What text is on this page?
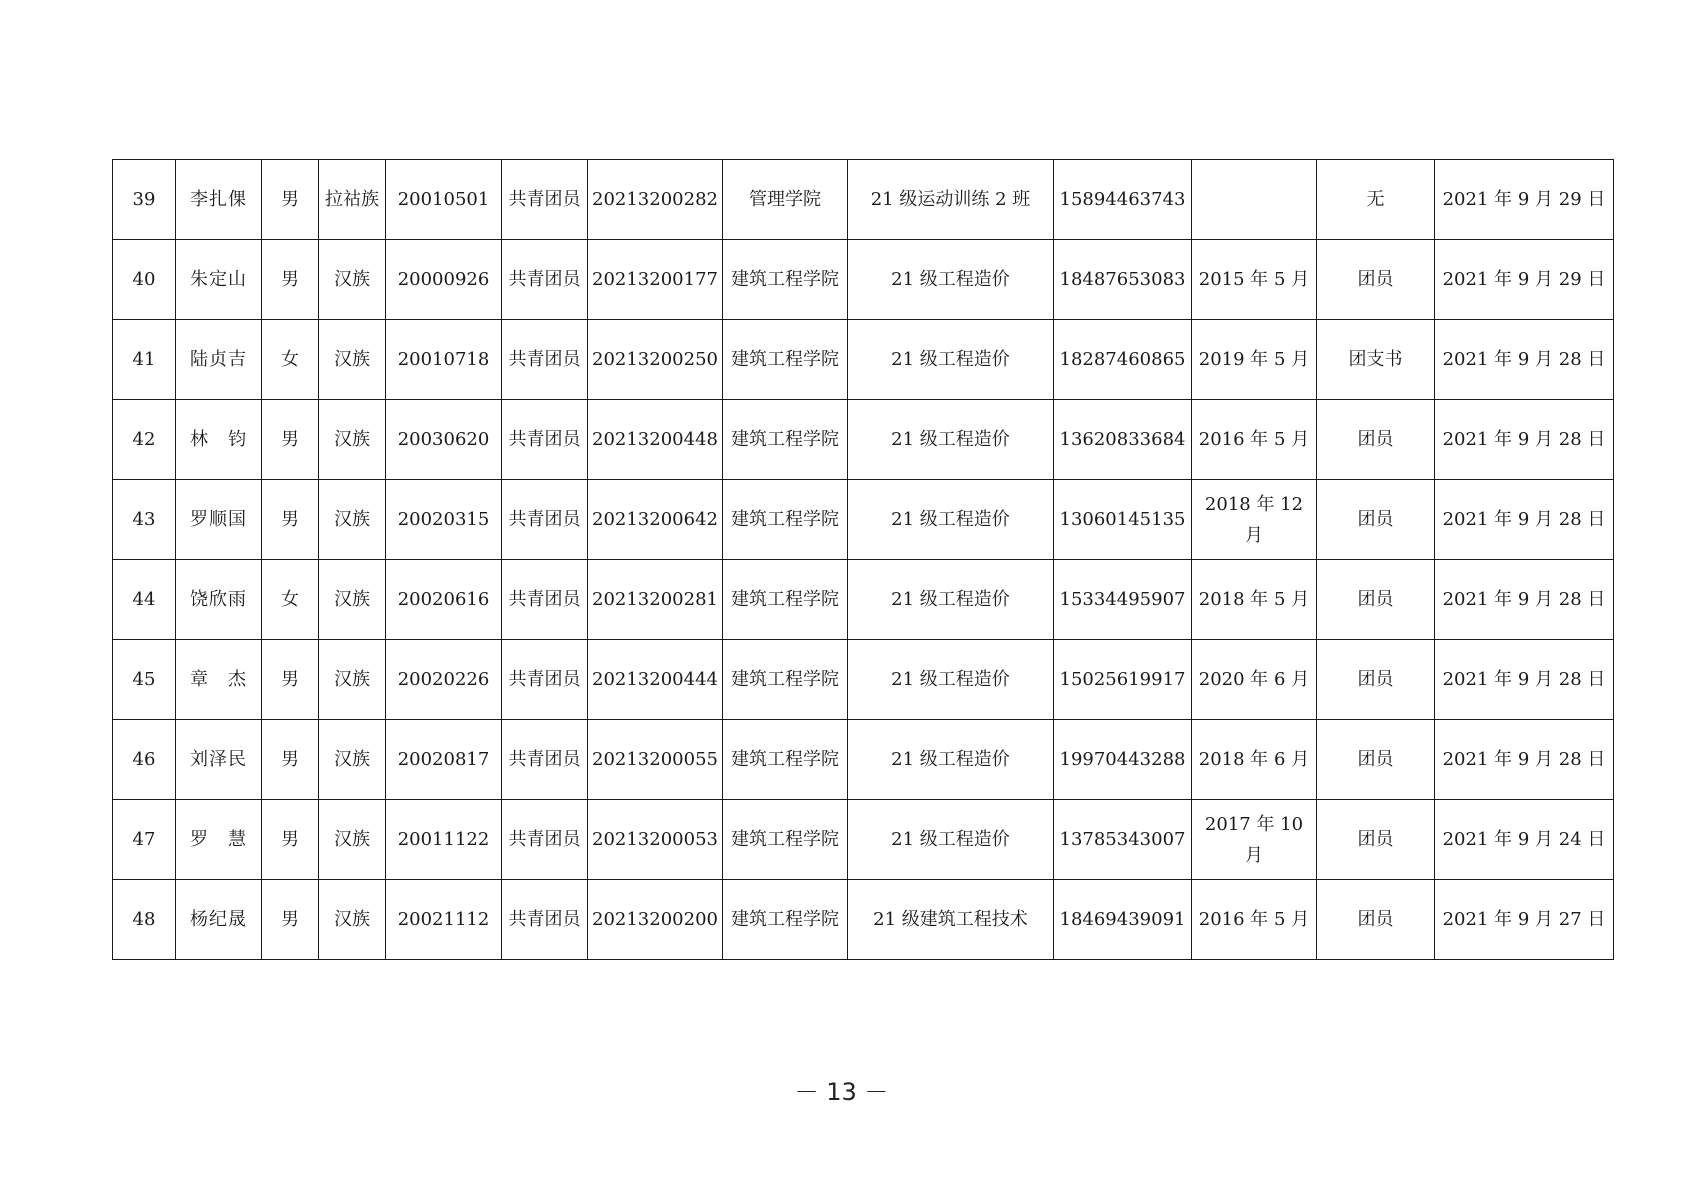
39	李扎倮	男	拉祜族	20010501	共青团员	20213200282	管理学院	21 级运动训练 2 班	15894463743		无	2021 年 9 月 29 日
40	朱定山	男	汉族	20000926	共青团员	20213200177	建筑工程学院	21 级工程造价	18487653083	2015 年 5 月	团员	2021 年 9 月 29 日
41	陆贞吉	女	汉族	20010718	共青团员	20213200250	建筑工程学院	21 级工程造价	18287460865	2019 年 5 月	团支书	2021 年 9 月 28 日
42	林　钧	男	汉族	20030620	共青团员	20213200448	建筑工程学院	21 级工程造价	13620833684	2016 年 5 月	团员	2021 年 9 月 28 日
43	罗顺国	男	汉族	20020315	共青团员	20213200642	建筑工程学院	21 级工程造价	13060145135	2018 年 12 月	团员	2021 年 9 月 28 日
44	饶欣雨	女	汉族	20020616	共青团员	20213200281	建筑工程学院	21 级工程造价	15334495907	2018 年 5 月	团员	2021 年 9 月 28 日
45	章　杰	男	汉族	20020226	共青团员	20213200444	建筑工程学院	21 级工程造价	15025619917	2020 年 6 月	团员	2021 年 9 月 28 日
46	刘泽民	男	汉族	20020817	共青团员	20213200055	建筑工程学院	21 级工程造价	19970443288	2018 年 6 月	团员	2021 年 9 月 28 日
47	罗　慧	男	汉族	20011122	共青团员	20213200053	建筑工程学院	21 级工程造价	13785343007	2017 年 10 月	团员	2021 年 9 月 24 日
48	杨纪晟	男	汉族	20021112	共青团员	20213200200	建筑工程学院	21 级建筑工程技术	18469439091	2016 年 5 月	团员	2021 年 9 月 27 日
－ 13 －
